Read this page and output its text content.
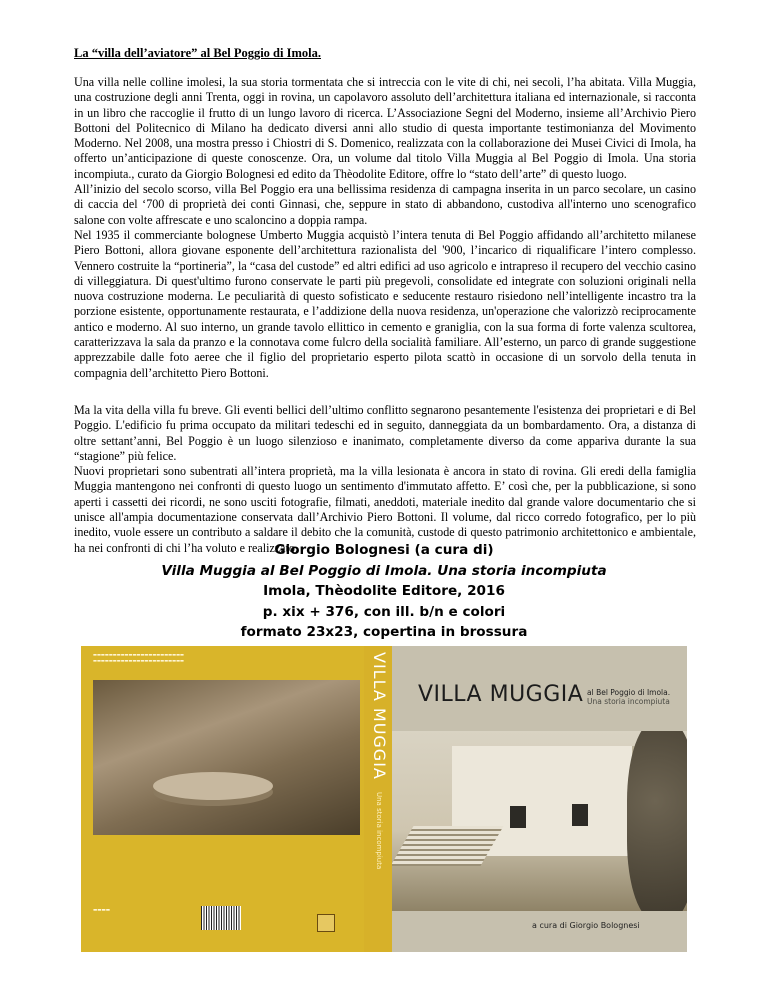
La “villa dell’aviatore” al Bel Poggio di Imola.

Una villa nelle colline imolesi, la sua storia tormentata che si intreccia con le vite di chi, nei secoli, l’ha abitata. Villa Muggia, una costruzione degli anni Trenta, oggi in rovina, un capolavoro assoluto dell’architettura italiana ed internazionale, si racconta in un libro che raccoglie il frutto di un lungo lavoro di ricerca. L’Associazione Segni del Moderno, insieme all’Archivio Piero Bottoni del Politecnico di Milano ha dedicato diversi anni allo studio di questa importante testimonianza del Movimento Moderno. Nel 2008, una mostra presso i Chiostri di S. Domenico, realizzata con la collaborazione dei Musei Civici di Imola, ha offerto un’anticipazione di queste conoscenze. Ora, un volume dal titolo Villa Muggia al Bel Poggio di Imola. Una storia incompiuta., curato da Giorgio Bolognesi ed edito da Thèodolite Editore, offre lo “stato dell’arte” di questo luogo.

All’inizio del secolo scorso, villa Bel Poggio era una bellissima residenza di campagna inserita in un parco secolare, un casino di caccia del ‘700 di proprietà dei conti Ginnasi, che, seppure in stato di abbandono, custodiva all'interno uno scenografico salone con volte affrescate e uno scaloncino a doppia rampa.

Nel 1935 il commerciante bolognese Umberto Muggia acquistò l’intera tenuta di Bel Poggio affidando all’architetto milanese Piero Bottoni, allora giovane esponente dell’architettura razionalista del '900, l’incarico di riqualificare l’intero complesso. Vennero costruite la “portineria”, la “casa del custode” ed altri edifici ad uso agricolo e intrapreso il recupero del vecchio casino di villeggiatura. Di quest'ultimo furono conservate le parti più pregevoli, consolidate ed integrate con soluzioni originali nella nuova costruzione moderna. Le peculiarità di questo sofisticato e seducente restauro risiedono nell’intelligente incastro tra la porzione esistente, opportunamente restaurata, e l’addizione della nuova residenza, un'operazione che valorizzò reciprocamente antico e moderno. Al suo interno, un grande tavolo ellittico in cemento e graniglia, con la sua forma di forte valenza scultorea, caratterizzava la sala da pranzo e la connotava come fulcro della socialità familiare. All’esterno, un parco di grande suggestione apprezzabile dalle foto aeree che il figlio del proprietario esperto pilota scattò in occasione di un sorvolo della tenuta in compagnia dell’architetto Piero Bottoni.

Ma la vita della villa fu breve. Gli eventi bellici dell’ultimo conflitto segnarono pesantemente l'esistenza dei proprietari e di Bel Poggio. L'edificio fu prima occupato da militari tedeschi ed in seguito, danneggiata da un bombardamento. Ora, a distanza di oltre settant’anni, Bel Poggio è un luogo silenzioso e inanimato, completamente diverso da come appariva durante la sua “stagione” più felice.

Nuovi proprietari sono subentrati all’intera proprietà, ma la villa lesionata è ancora in stato di rovina. Gli eredi della famiglia Muggia mantengono nei confronti di questo luogo un sentimento d'immutato affetto. E’ così che, per la pubblicazione, si sono aperti i cassetti dei ricordi, ne sono usciti fotografie, filmati, aneddoti, materiale inedito dal grande valore documentario che si unisce all'ampia documentazione conservata dall’Archivio Piero Bottoni. Il volume, dal ricco corredo fotografico, per lo più inedito, vuole essere un contributo a saldare il debito che la comunità, custode di questo patrimonio architettonico e ambientale, ha nei confronti di chi l’ha voluto e realizzato.

Giorgio Bolognesi (a cura di)
Villa Muggia al Bel Poggio di Imola. Una storia incompiuta
Imola, Thèodolite Editore, 2016
p. xix + 376, con ill. b/n e colori
formato 23x23, copertina in brossura
▬▬▬▬▬▬▬▬▬▬▬▬▬▬▬▬▬▬▬▬▬▬▬
▬▬▬▬▬▬▬▬▬▬▬▬▬▬▬▬▬▬▬▬▬▬▬
▬▬▬▬
VILLA MUGGIA Una storia incompiuta
VILLA MUGGIA al Bel Poggio di Imola.
Una storia incompiuta
a cura di Giorgio Bolognesi
